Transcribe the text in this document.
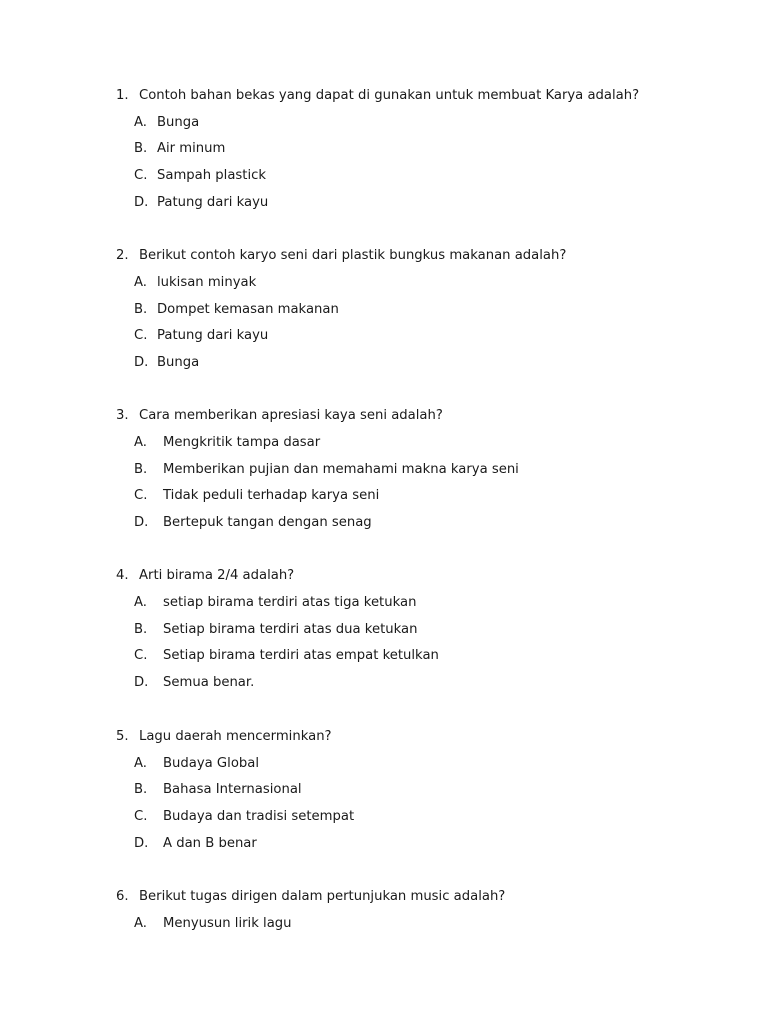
1. Contoh bahan bekas yang dapat di gunakan untuk membuat Karya adalah?
A. Bunga
B. Air minum
C. Sampah plastick
D. Patung dari kayu
2. Berikut contoh karyo seni dari plastik bungkus makanan adalah?
A. lukisan minyak
B. Dompet kemasan makanan
C. Patung dari kayu
D. Bunga
3. Cara memberikan apresiasi kaya seni adalah?
A. Mengkritik tampa dasar
B. Memberikan pujian dan memahami makna karya seni
C. Tidak peduli terhadap karya seni
D. Bertepuk tangan dengan senag
4. Arti birama 2/4 adalah?
A. setiap birama terdiri atas tiga ketukan
B. Setiap birama terdiri atas dua ketukan
C. Setiap birama terdiri atas empat ketulkan
D. Semua benar.
5. Lagu daerah mencerminkan?
A. Budaya Global
B. Bahasa Internasional
C. Budaya dan tradisi setempat
D. A dan B benar
6. Berikut tugas dirigen dalam pertunjukan music adalah?
A. Menyusun lirik lagu
